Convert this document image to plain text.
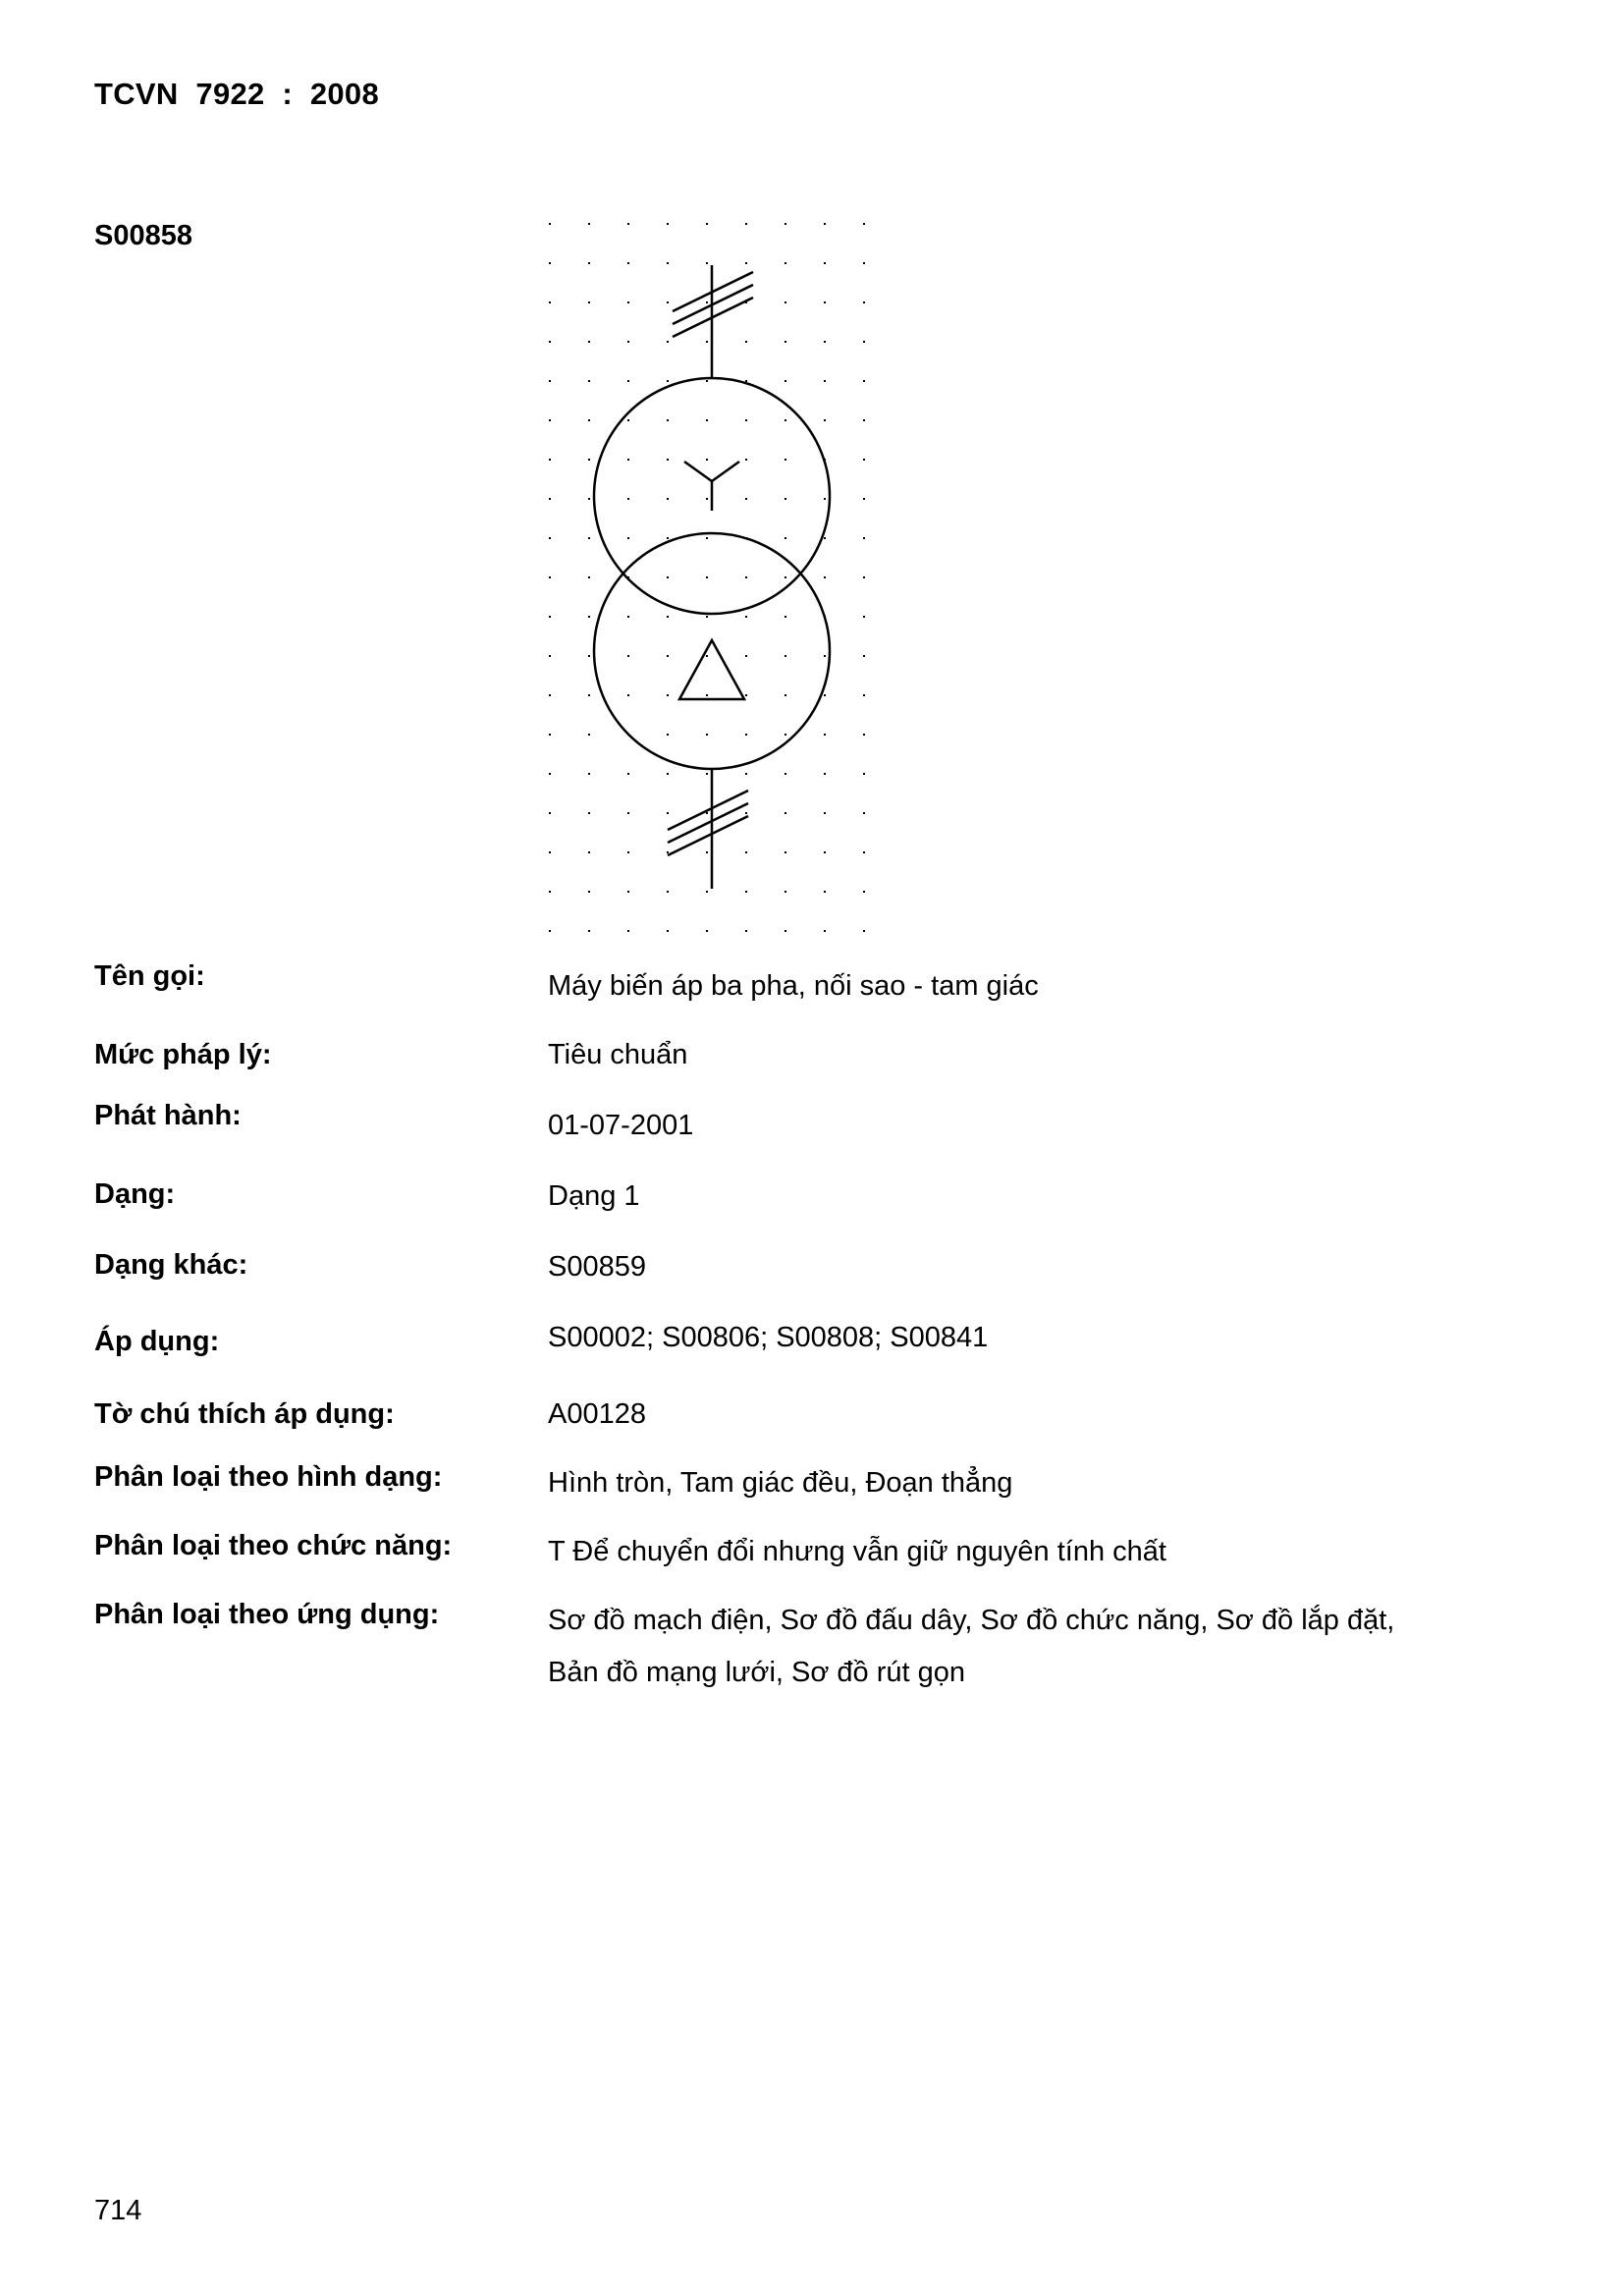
TCVN  7922  :  2008
S00858
Tên gọi:	Máy biến áp ba pha, nối sao - tam giác
Mức pháp lý:	Tiêu chuẩn
Phát hành:	01-07-2001
Dạng:	Dạng 1
Dạng khác:	S00859
Áp dụng:	S00002; S00806; S00808; S00841
Tờ chú thích áp dụng:	A00128
Phân loại theo hình dạng:	Hình tròn, Tam giác đều, Đoạn thẳng
Phân loại theo chức năng:	T Để chuyển đổi nhưng vẫn giữ nguyên tính chất
Phân loại theo ứng dụng:	Sơ đồ mạch điện, Sơ đồ đấu dây, Sơ đồ chức năng, Sơ đồ lắp đặt,
Bản đồ mạng lưới, Sơ đồ rút gọn
714
